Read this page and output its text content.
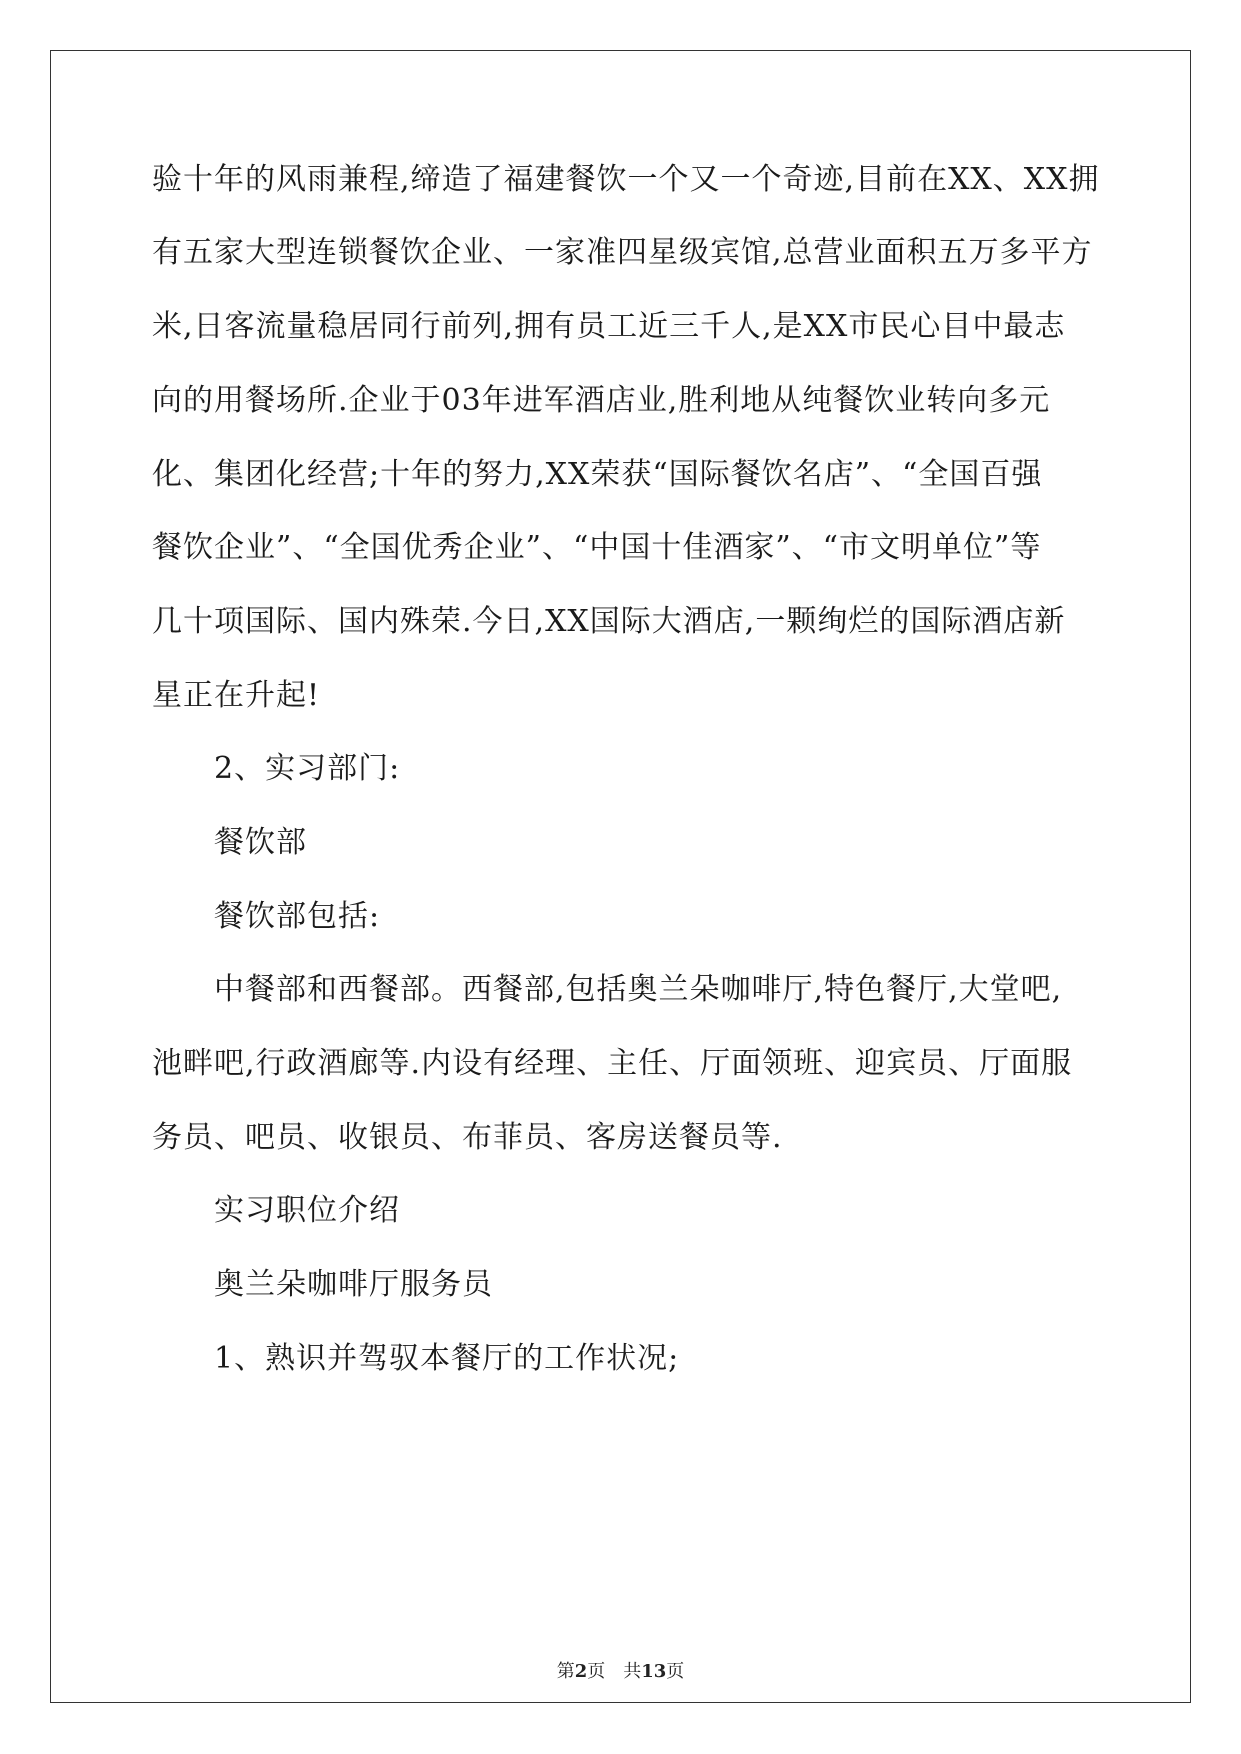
验十年的风雨兼程,缔造了福建餐饮一个又一个奇迹,目前在XX、XX拥
有五家大型连锁餐饮企业、一家准四星级宾馆,总营业面积五万多平方
米,日客流量稳居同行前列,拥有员工近三千人,是XX市民心目中最志
向的用餐场所.企业于03年进军酒店业,胜利地从纯餐饮业转向多元
化、集团化经营;十年的努力,XX荣获“国际餐饮名店”、“全国百强
餐饮企业”、“全国优秀企业”、“中国十佳酒家”、“市文明单位”等
几十项国际、国内殊荣.今日,XX国际大酒店,一颗绚烂的国际酒店新
星正在升起!
2、实习部门:
餐饮部
餐饮部包括:
中餐部和西餐部。西餐部,包括奥兰朵咖啡厅,特色餐厅,大堂吧,
池畔吧,行政酒廊等.内设有经理、主任、厅面领班、迎宾员、厅面服
务员、吧员、收银员、布菲员、客房送餐员等.
实习职位介绍
奥兰朵咖啡厅服务员
1、熟识并驾驭本餐厅的工作状况;
第2页 共13页
